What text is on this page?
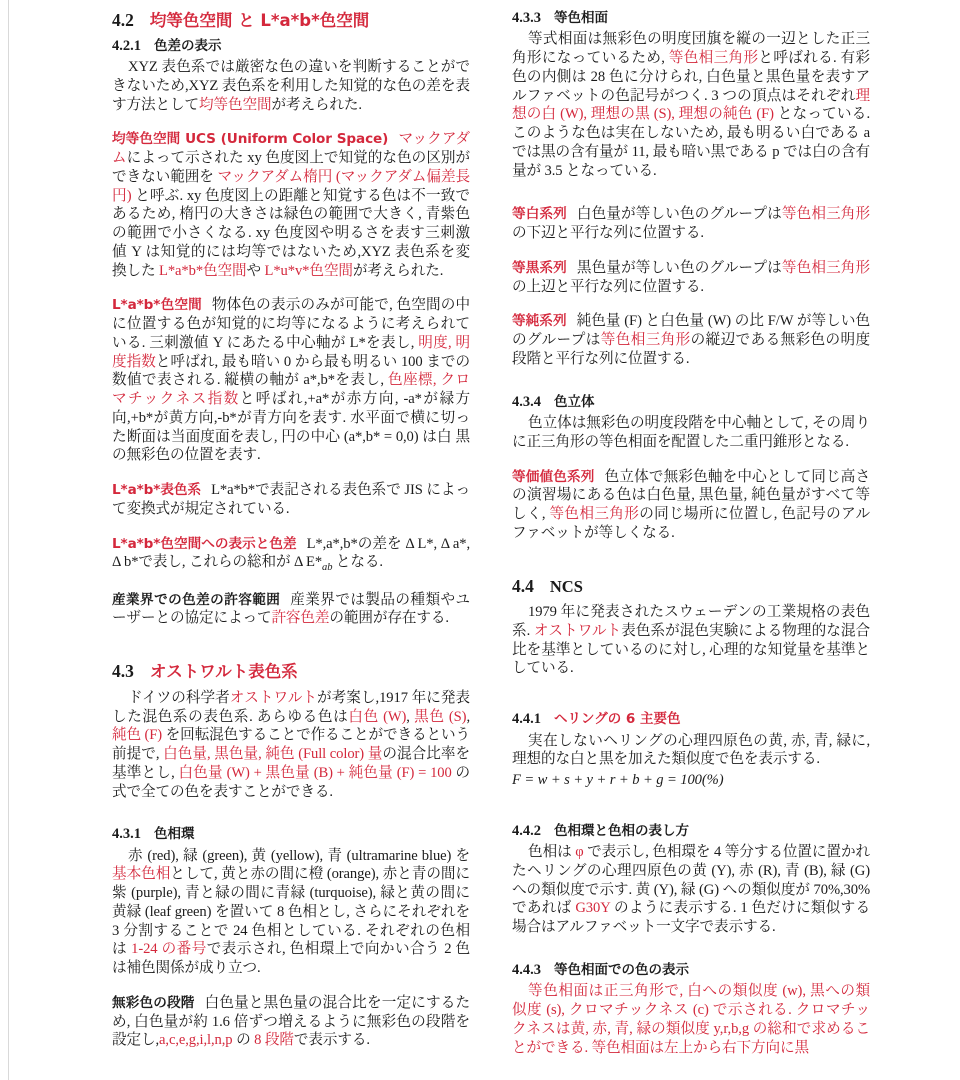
4.2 均等色空間 と L*a*b*色空間
4.2.1 色差の表示

XYZ 表色系では厳密な色の違いを判断することができないため,XYZ 表色系を利用した知覚的な色の差を表す方法として均等色空間が考えられた.

均等色空間 UCS (Uniform Color Space) マックアダムによって示された xy 色度図上で知覚的な色の区別ができない範囲を マックアダム楕円 (マックアダム偏差長円) と呼ぶ. xy 色度図上の距離と知覚する色は不一致であるため, 楕円の大きさは緑色の範囲で大きく, 青紫色の範囲で小さくなる. xy 色度図や明るさを表す三刺激値 Y は知覚的には均等ではないため,XYZ 表色系を変換した L*a*b*色空間や L*u*v*色空間が考えられた.

L*a*b*色空間 物体色の表示のみが可能で, 色空間の中に位置する色が知覚的に均等になるように考えられている. 三刺激値 Y にあたる中心軸が L*を表し, 明度, 明度指数と呼ばれ, 最も暗い 0 から最も明るい 100 までの数値で表される. 縦横の軸が a*,b*を表し, 色座標, クロマチックネス指数と呼ばれ,+a*が赤方向, -a*が緑方向,+b*が黄方向,-b*が青方向を表す. 水平面で横に切った断面は当面度面を表し, 円の中心 (a*,b* = 0,0) は白 黒の無彩色の位置を表す.

L*a*b*表色系 L*a*b*で表記される表色系で JIS によって変換式が規定されている.

L*a*b*色空間への表示と色差 L*,a*,b*の差を Δ L*, Δ a*, Δ b*で表し, これらの総和が Δ $E*_{ab}$ となる.

産業界での色差の許容範囲 産業界では製品の種類やユーザーとの協定によって許容色差の範囲が存在する.

4.3 オストワルト表色系

ドイツの科学者オストワルトが考案し,1917 年に発表した混色系の表色系. あらゆる色は白色 (W), 黒色 (S), 純色 (F) を回転混色することで作ることができるという前提で, 白色量, 黒色量, 純色 (Full color) 量の混合比率を基準とし, 白色量 (W) + 黒色量 (B) + 純色量 (F) = 100 の式で全ての色を表すことができる.

4.3.1 色相環

赤 (red), 緑 (green), 黄 (yellow), 青 (ultramarine blue) を基本色相として, 黄と赤の間に橙 (orange), 赤と青の間に紫 (purple), 青と緑の間に青緑 (turquoise), 緑と黄の間に黄緑 (leaf green) を置いて 8 色相とし, さらにそれぞれを 3 分割することで 24 色相としている. それぞれの色相は 1-24 の番号で表示され, 色相環上で向かい合う 2 色は補色関係が成り立つ.

無彩色の段階 白色量と黒色量の混合比を一定にするため, 白色量が約 1.6 倍ずつ増えるように無彩色の段階を設定し,a,c,e,g,i,l,n,p の 8 段階で表示する.

4.3.3 等色相面

等式相面は無彩色の明度団旗を縦の一辺とした正三角形になっているため, 等色相三角形と呼ばれる. 有彩色の内側は 28 色に分けられ, 白色量と黒色量を表すアルファベットの色記号がつく. 3 つの頂点はそれぞれ理想の白 (W), 理想の黒 (S), 理想の純色 (F) となっている. このような色は実在しないため, 最も明るい白である a では黒の含有量が 11, 最も暗い黒である p では白の含有量が 3.5 となっている.

等白系列 白色量が等しい色のグループは等色相三角形の下辺と平行な列に位置する.

等黒系列 黒色量が等しい色のグループは等色相三角形の上辺と平行な列に位置する.

等純系列 純色量 (F) と白色量 (W) の比 F/W が等しい色のグループは等色相三角形の縦辺である無彩色の明度段階と平行な列に位置する.

4.3.4 色立体

色立体は無彩色の明度段階を中心軸として, その周りに正三角形の等色相面を配置した二重円錐形となる.

等価値色系列 色立体で無彩色軸を中心として同じ高さの演習場にある色は白色量, 黒色量, 純色量がすべて等しく, 等色相三角形の同じ場所に位置し, 色記号のアルファベットが等しくなる.

4.4 NCS

1979 年に発表されたスウェーデンの工業規格の表色系. オストワルト表色系が混色実験による物理的な混合比を基準としているのに対し, 心理的な知覚量を基準としている.

4.4.1 ヘリングの 6 主要色

実在しないヘリングの心理四原色の黄, 赤, 青, 緑に, 理想的な白と黒を加えた類似度で色を表示する.

F = w + s + y + r + b + g = 100(%)

4.4.2 色相環と色相の表し方

色相は φ で表示し, 色相環を 4 等分する位置に置かれたヘリングの心理四原色の黄 (Y), 赤 (R), 青 (B), 緑 (G) への類似度で示す. 黄 (Y), 緑 (G) への類似度が 70%,30%であれば G30Y のように表示する. 1 色だけに類似する場合はアルファベット一文字で表示する.

4.4.3 等色相面での色の表示

等色相面は正三角形で, 白への類似度 (w), 黒への類似度 (s), クロマチックネス (c) で示される. クロマチックネスは黄, 赤, 青, 緑の類似度 y,r,b,g の総和で求めることができる. 等色相面は左上から右下方向に黒
